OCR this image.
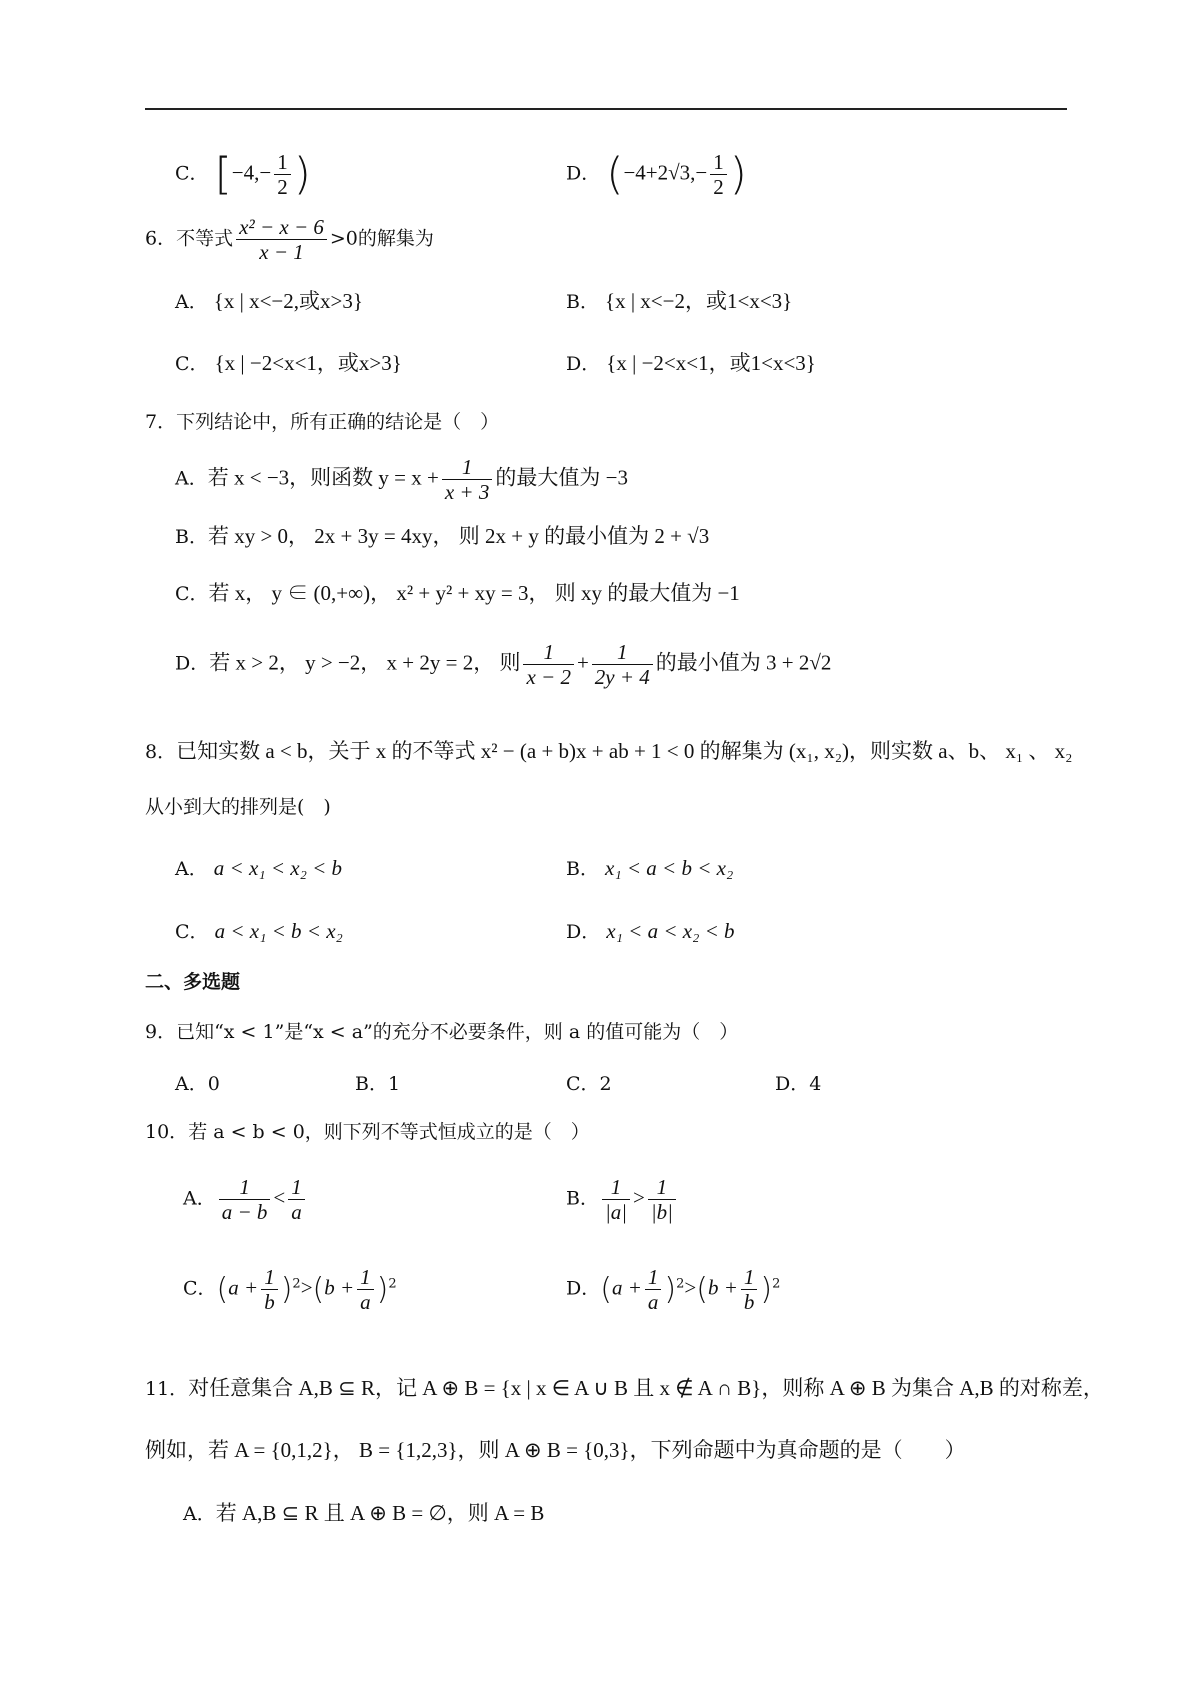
C． [$-4,- \frac{1}{2}$ )	D． ($-4+2√3,- \frac{1}{2}$ )
6．不等式 $\frac{\text{x² − x − 6}}{x - 1} >0$的解集为
A． {x | x<−2,或x>3}	B． {x | x<−2，或1<x<3}
C． {x | −2<x<1，或x>3}	D． {x | −2<x<1，或1<x<3}
7．下列结论中，所有正确的结论是（　）
A．若 x < −3，则函数 $y = x + \frac{1}{x + 3}$ 的最大值为 −3
B．若 xy > 0， 2x + 3y = 4xy， 则 2x + y 的最小值为 2 + √3
C．若 x， y ∈ (0,+∞)， x² + y² + xy = 3， 则 xy 的最大值为 −1
D．若 x > 2， y > −2， x + 2y = 2， 则 $\frac{1}{x - 2} + \frac{1}{2y + 4}$ 的最小值为 3 + 2√2
8．已知实数 a < b，关于 x 的不等式 x² − (a + b)x + ab + 1 < 0 的解集为 (x₁, x₂)，则实数 a、b、 x₁ 、 x₂
从小到大的排列是(　)
A． a < x₁ < x₂ < b	B． x₁ < a < b < x₂
C． a < x₁ < b < x₂	D． x₁ < a < x₂ < b
二、多选题
9．已知“x < 1”是“x < a”的充分不必要条件，则 a 的值可能为（　）
A．0	B．1	C．2	D．4
10．若 a < b < 0，则下列不等式恒成立的是（　）
A． $\frac{1}{a - b} < \frac{1}{a}$	B． $\frac{1}{|a|} > \frac{1}{|b|}$
C．$(a + \frac{1}{b} )^2>(b + \frac{1}{a} )^2$	D．$(a + \frac{1}{a} )^2>(b + \frac{1}{b} )^2$
11．对任意集合 A,B ⊆ R，记 A ⊕ B = {x | x ∈ A ∪ B 且 x ∉ A ∩ B}，则称 A ⊕ B 为集合 A,B 的对称差，
例如，若 A = {0,1,2}， B = {1,2,3}，则 A ⊕ B = {0,3}，下列命题中为真命题的是（　　）
A．若 A,B ⊆ R 且 A ⊕ B = ∅，则 A = B
